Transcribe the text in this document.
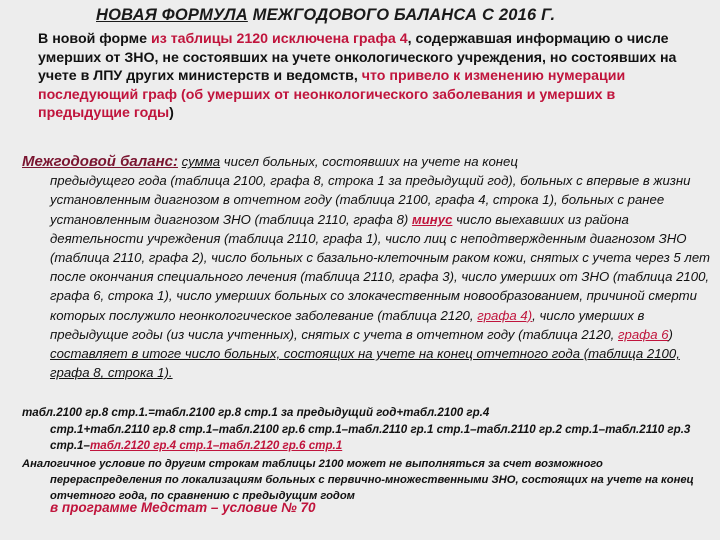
НОВАЯ ФОРМУЛА МЕЖГОДОВОГО БАЛАНСА С 2016 Г.
В новой форме из таблицы 2120 исключена графа 4, содержавшая информацию о числе умерших от ЗНО, не состоявших на учете онкологического учреждения, но состоявших на учете в ЛПУ других министерств и ведомств, что привело к изменению нумерации последующий граф (об умерших от неонкологического заболевания и умерших в предыдущие годы)
Межгодовой баланс: сумма чисел больных, состоявших на учете на конец
предыдущего года (таблица 2100, графа 8, строка 1 за предыдущий год), больных с впервые в жизни установленным диагнозом в отчетном году (таблица 2100, графа 4, строка 1), больных с ранее установленным диагнозом ЗНО (таблица 2110, графа 8) минус число выехавших из района деятельности учреждения (таблица 2110, графа 1), число лиц с неподтвержденным диагнозом ЗНО (таблица 2110, графа 2), число больных с базально-клеточным раком кожи, снятых с учета через 5 лет после окончания специального лечения (таблица 2110, графа 3), число умерших от ЗНО (таблица 2100, графа 6, строка 1), число умерших больных со злокачественным новообразованием, причиной смерти которых послужило неонкологическое заболевание (таблица 2120, графа 4), число умерших в предыдущие годы (из числа учтенных), снятых с учета в отчетном году (таблица 2120, графа 6) составляет в итоге число больных, состоящих на учете на конец отчетного года (таблица 2100, графа 8, строка 1).
табл.2100 гр.8 стр.1.=табл.2100 гр.8 стр.1 за предыдущий год+табл.2100 гр.4
стр.1+табл.2110 гр.8 стр.1–табл.2100 гр.6 стр.1–табл.2110 гр.1 стр.1–табл.2110 гр.2 стр.1–табл.2110 гр.3 стр.1–табл.2120 гр.4 стр.1–табл.2120 гр.6 стр.1
Аналогичное условие по другим строкам таблицы 2100 может не выполняться за счет возможного
перераспределения по локализациям больных с первично-множественными ЗНО, состоящих на учете на конец отчетного года, по сравнению с предыдущим годом
в программе Медстат – условие № 70
